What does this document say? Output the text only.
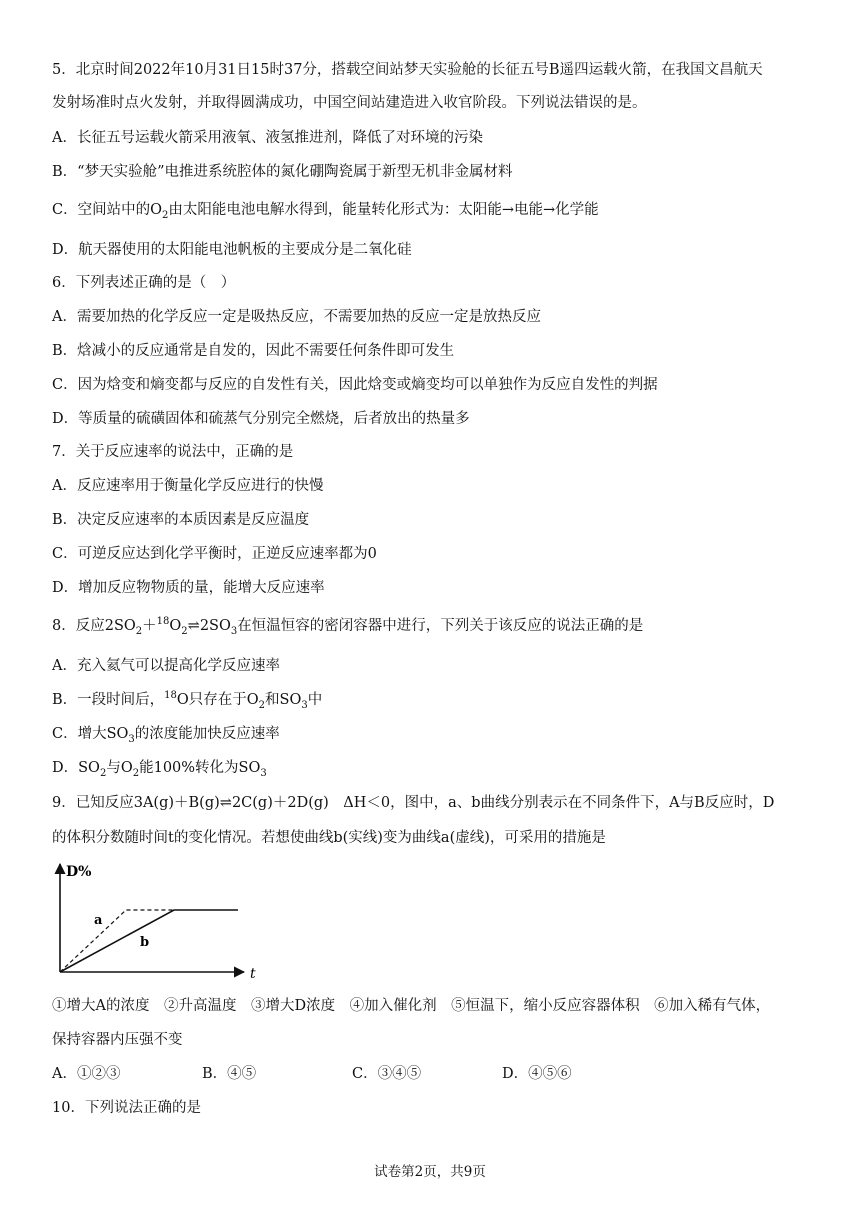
5．北京时间2022年10月31日15时37分，搭载空间站梦天实验舱的长征五号B遥四运载火箭，在我国文昌航天
发射场准时点火发射，并取得圆满成功，中国空间站建造进入收官阶段。下列说法错误的是。
A．长征五号运载火箭采用液氧、液氢推进剂，降低了对环境的污染
B．“梦天实验舱”电推进系统腔体的氮化硼陶瓷属于新型无机非金属材料
C．空间站中的$O_2$由太阳能电池电解水得到，能量转化形式为：太阳能→电能→化学能
D．航天器使用的太阳能电池帆板的主要成分是二氧化硅
6．下列表述正确的是（　）
A．需要加热的化学反应一定是吸热反应，不需要加热的反应一定是放热反应
B．焓减小的反应通常是自发的，因此不需要任何条件即可发生
C．因为焓变和熵变都与反应的自发性有关，因此焓变或熵变均可以单独作为反应自发性的判据
D．等质量的硫磺固体和硫蒸气分别完全燃烧，后者放出的热量多
7．关于反应速率的说法中，正确的是
A．反应速率用于衡量化学反应进行的快慢
B．决定反应速率的本质因素是反应温度
C．可逆反应达到化学平衡时，正逆反应速率都为0
D．增加反应物物质的量，能增大反应速率
8．反应$2SO_2+^{18}O_2\rightleftharpoons 2SO_3$在恒温恒容的密闭容器中进行，下列关于该反应的说法正确的是
A．充入氦气可以提高化学反应速率
B．一段时间后，$^{18}$O只存在于$O_2$和$SO_3$中
C．增大$SO_3$的浓度能加快反应速率
D．$SO_2$与$O_2$能100%转化为$SO_3$
9．已知反应3A(g)＋B(g)⇌2C(g)＋2D(g)　ΔH＜0，图中，a、b曲线分别表示在不同条件下，A与B反应时，D
的体积分数随时间t的变化情况。若想使曲线b(实线)变为曲线a(虚线)，可采用的措施是
D%
t
a
b
①增大A的浓度　②升高温度　③增大D浓度　④加入催化剂　⑤恒温下，缩小反应容器体积　⑥加入稀有气体，
保持容器内压强不变
A．①②③	B．④⑤	C．③④⑤	D．④⑤⑥
10．下列说法正确的是
试卷第2页，共9页
